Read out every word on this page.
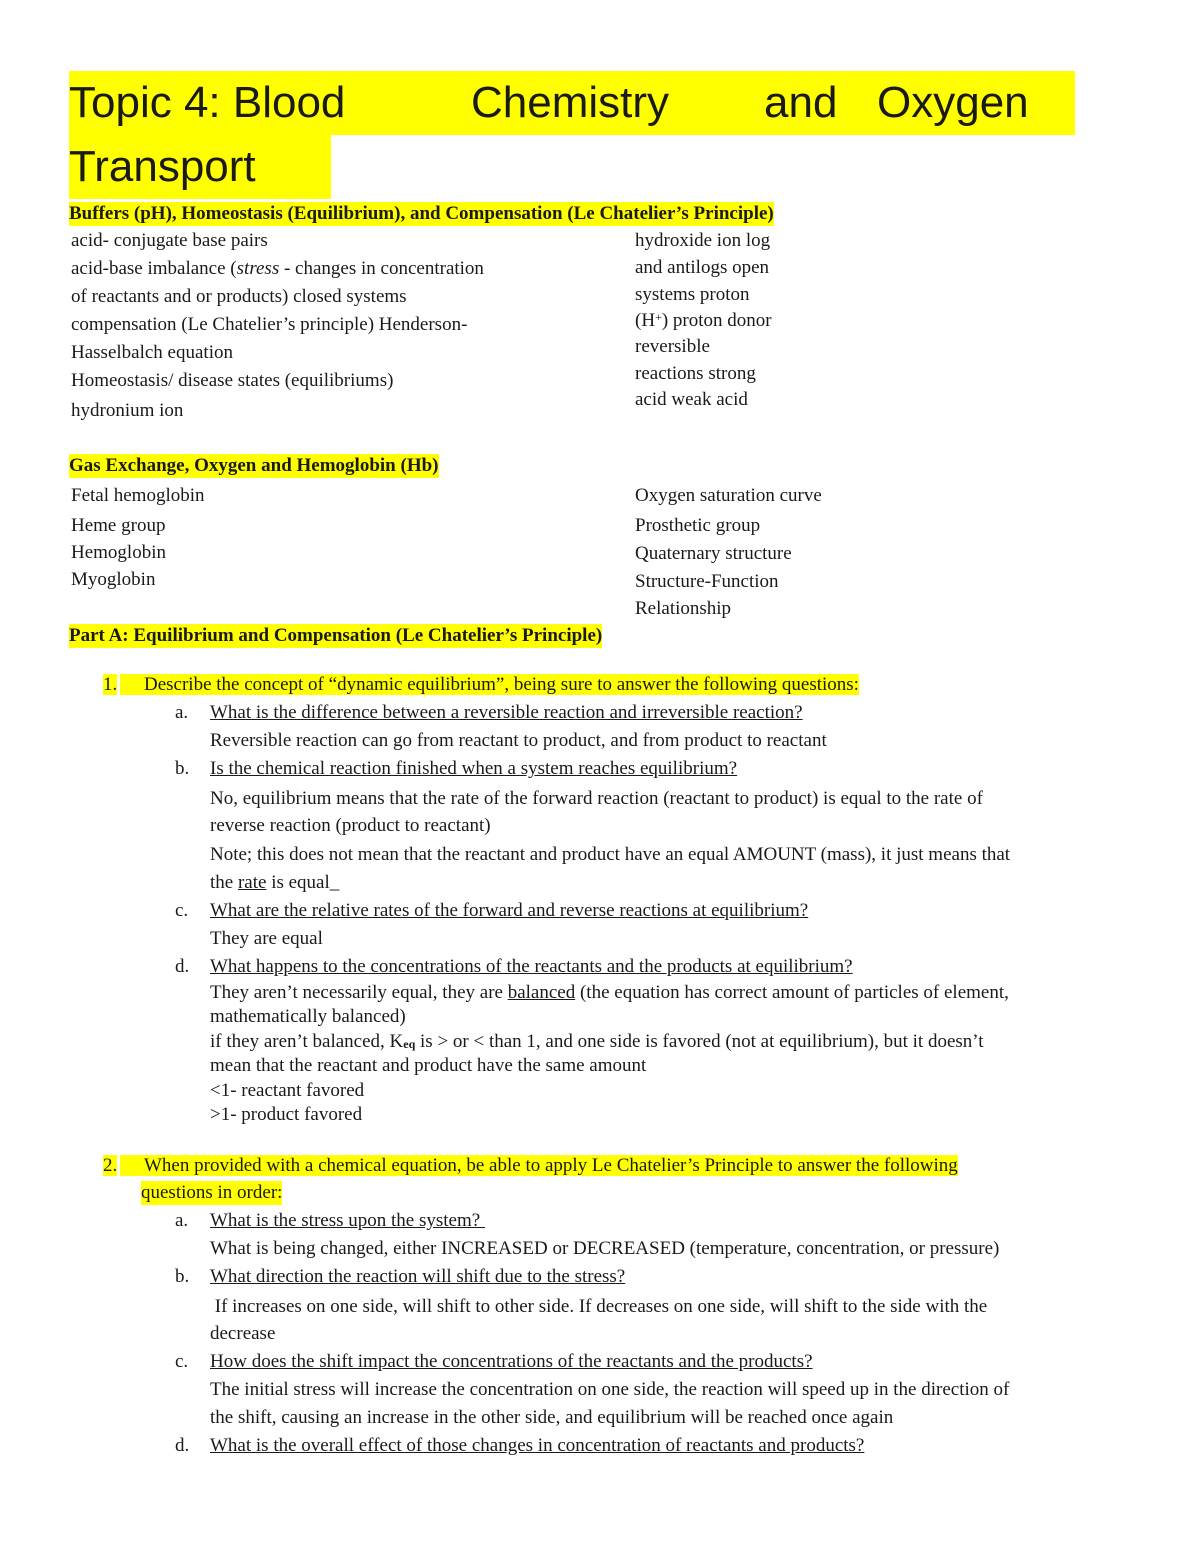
Topic 4: Blood	Chemistry and Oxygen
Transport
Buffers (pH), Homeostasis (Equilibrium), and Compensation (Le Chatelier’s Principle)
acid- conjugate base pairs
acid-base imbalance (stress - changes in concentration
of reactants and or products) closed systems
compensation (Le Chatelier’s principle) Henderson-
Hasselbalch equation
Homeostasis/ disease states (equilibriums)
hydronium ion
hydroxide ion log
and antilogs open
systems proton
(H+) proton donor
reversible
reactions strong
acid weak acid
Gas Exchange, Oxygen and Hemoglobin (Hb)
Fetal hemoglobin
Heme group
Hemoglobin
Myoglobin
Oxygen saturation curve
Prosthetic group
Quaternary structure
Structure-Function
Relationship
Part A: Equilibrium and Compensation (Le Chatelier’s Principle)
1. Describe the concept of “dynamic equilibrium”, being sure to answer the following questions:
a. What is the difference between a reversible reaction and irreversible reaction?
Reversible reaction can go from reactant to product, and from product to reactant
b. Is the chemical reaction finished when a system reaches equilibrium?
No, equilibrium means that the rate of the forward reaction (reactant to product) is equal to the rate of
reverse reaction (product to reactant)
Note; this does not mean that the reactant and product have an equal AMOUNT (mass), it just means that
the rate is equal_
c. What are the relative rates of the forward and reverse reactions at equilibrium?
They are equal
d. What happens to the concentrations of the reactants and the products at equilibrium?
They aren’t necessarily equal, they are balanced (the equation has correct amount of particles of element,
mathematically balanced)
if they aren’t balanced, Keq is > or < than 1, and one side is favored (not at equilibrium), but it doesn’t
mean that the reactant and product have the same amount
<1- reactant favored
>1- product favored
2. When provided with a chemical equation, be able to apply Le Chatelier’s Principle to answer the following
questions in order:
a. What is the stress upon the system?
What is being changed, either INCREASED or DECREASED (temperature, concentration, or pressure)
b. What direction the reaction will shift due to the stress?
If increases on one side, will shift to other side. If decreases on one side, will shift to the side with the
decrease
c. How does the shift impact the concentrations of the reactants and the products?
The initial stress will increase the concentration on one side, the reaction will speed up in the direction of
the shift, causing an increase in the other side, and equilibrium will be reached once again
d. What is the overall effect of those changes in concentration of reactants and products?
